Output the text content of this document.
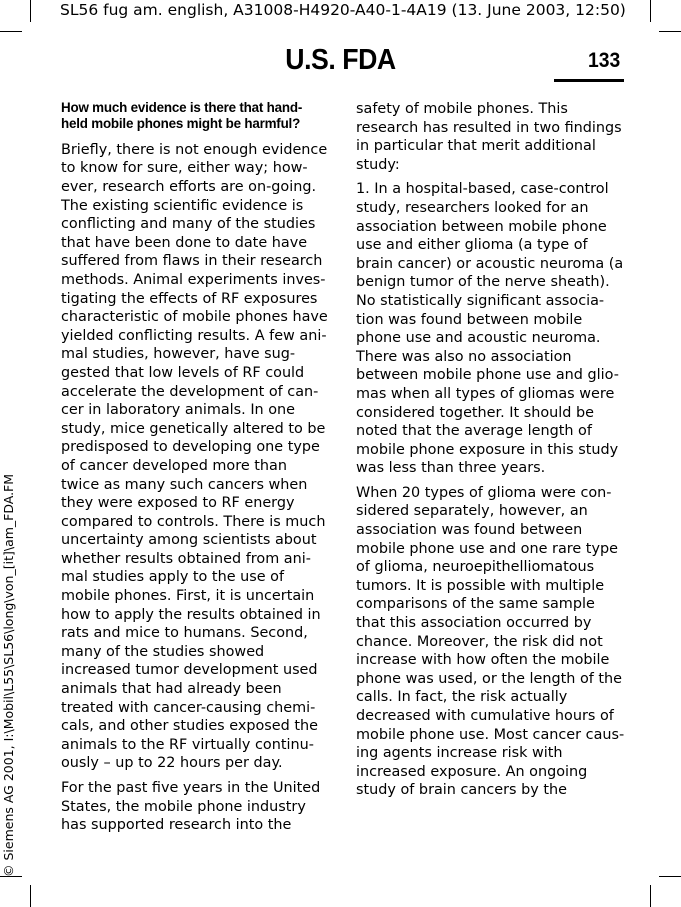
SL56 fug am. english, A31008-H4920-A40-1-4A19 (13. June 2003, 12:50)
U.S. FDA	133
© Siemens AG 2001, I:\Mobil\L55\SL56\long\von_[it]\am_FDA.FM
How much evidence is there that hand-
held mobile phones might be harmful?

Briefly, there is not enough evidence
to know for sure, either way; how-
ever, research efforts are on-going.
The existing scientific evidence is
conflicting and many of the studies
that have been done to date have
suffered from flaws in their research
methods. Animal experiments inves-
tigating the effects of RF exposures
characteristic of mobile phones have
yielded conflicting results. A few ani-
mal studies, however, have sug-
gested that low levels of RF could
accelerate the development of can-
cer in laboratory animals. In one
study, mice genetically altered to be
predisposed to developing one type
of cancer developed more than
twice as many such cancers when
they were exposed to RF energy
compared to controls. There is much
uncertainty among scientists about
whether results obtained from ani-
mal studies apply to the use of
mobile phones. First, it is uncertain
how to apply the results obtained in
rats and mice to humans. Second,
many of the studies showed
increased tumor development used
animals that had already been
treated with cancer-causing chemi-
cals, and other studies exposed the
animals to the RF virtually continu-
ously – up to 22 hours per day.

For the past five years in the United
States, the mobile phone industry
has supported research into the

safety of mobile phones. This
research has resulted in two findings
in particular that merit additional
study:

1. In a hospital-based, case-control
study, researchers looked for an
association between mobile phone
use and either glioma (a type of
brain cancer) or acoustic neuroma (a
benign tumor of the nerve sheath).
No statistically significant associa-
tion was found between mobile
phone use and acoustic neuroma.
There was also no association
between mobile phone use and glio-
mas when all types of gliomas were
considered together. It should be
noted that the average length of
mobile phone exposure in this study
was less than three years.

When 20 types of glioma were con-
sidered separately, however, an
association was found between
mobile phone use and one rare type
of glioma, neuroepithelliomatous
tumors. It is possible with multiple
comparisons of the same sample
that this association occurred by
chance. Moreover, the risk did not
increase with how often the mobile
phone was used, or the length of the
calls. In fact, the risk actually
decreased with cumulative hours of
mobile phone use. Most cancer caus-
ing agents increase risk with
increased exposure. An ongoing
study of brain cancers by the
